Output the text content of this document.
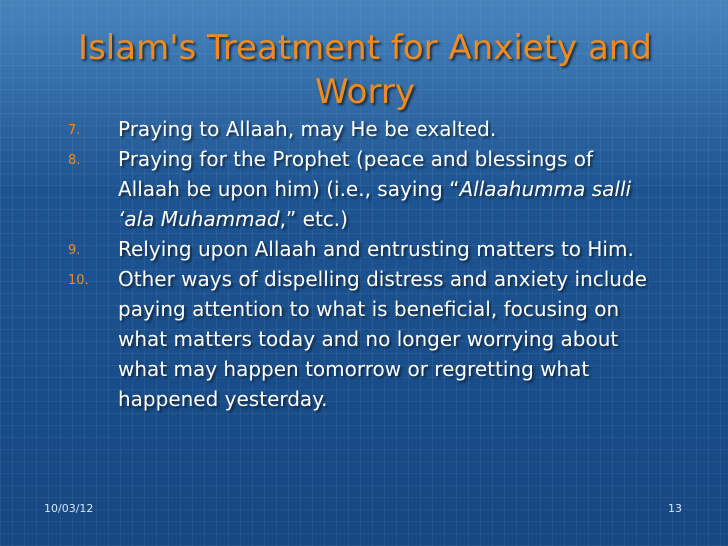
Islam's Treatment for Anxiety and Worry
7. Praying to Allaah, may He be exalted.
8. Praying for the Prophet (peace and blessings of Allaah be upon him) (i.e., saying “Allaahumma salli ‘ala Muhammad,” etc.)
9. Relying upon Allaah and entrusting matters to Him.
10. Other ways of dispelling distress and anxiety include paying attention to what is beneficial, focusing on what matters today and no longer worrying about what may happen tomorrow or regretting what happened yesterday.
10/03/12	13
